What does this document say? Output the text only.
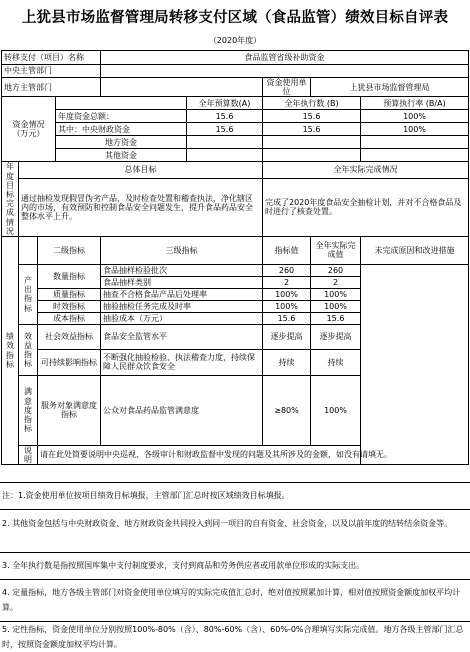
上犹县市场监督管理局转移支付区域（食品监管）绩效目标自评表
（2020年度）
转移支付（项目）名称				食品监管省级补助资金				
中央主管部门								
地方主管部门						资金使用单位	上犹县市场监督管理局	
资金情况 （万元）					全年预算数(A)	全年执行数 (B)		预算执行率 (B/A)
			年度资金总额：		15.6	15.6		100%
			其中：中央财政资金		15.6	15.6		100%
			地方资金					
			其他资金					
年度目标完成情况	总体目标					全年实际完成情况		
	通过抽检发现假冒伪劣产品，及时检查处置和稽查执法，净化辖区内的市场，有效预防和控制食品安全问题发生，提升食品药品安全整体水平上升。					完成了2020年度食品安全抽检计划，并对不合格食品及时进行了核查处置。		
绩效指标		二级指标		三级指标		指标值	全年实际完成值	未完成原因和改进措施
	产出指标	数量指标		食品抽样检验批次		260	260	
				食品抽样类别		2	2	
		质量指标		抽查不合格食品产品后处理率		100%	100%	
		时效指标		抽验抽检任务完成及时率		100%	100%	
		成本指标		抽验成本（万元）		15.6	15.6	
	效益指标	社会效益指标		食品安全监管水平		逐步提高	逐步提高	
		可持续影响指标		不断强化抽验检验、执法稽查力度，持续保障人民群众饮食安全		持续	持续	
	满意度指标	服务对象满意度指标		公众对食品药品监管满意度		≥80%	100%	
	说明	请在此处简要说明中央巡视、各级审计和财政监督中发现的问题及其所涉及的金额，如没有请填无。						
注：1.资金使用单位按项目绩效目标填报，主管部门汇总时按区域绩效目标填报。
2. 其他资金包括与中央财政资金、地方财政资金共同投入到同一项目的自有资金、社会资金，以及以前年度的结转结余资金等。
3. 全年执行数是指按照国库集中支付制度要求，支付到商品和劳务供应者或用款单位形成的实际支出。
4. 定量指标，地方各级主管部门对资金使用单位填写的实际完成值汇总时，绝对值按照累加计算，相对值按照资金额度加权平均计算。
5. 定性指标，资金使用单位分别按照100%-80%（含）、80%-60%（含）、60%-0%合理填写实际完成值。地方各级主管部门汇总时，按照资金额度加权平均计算。
